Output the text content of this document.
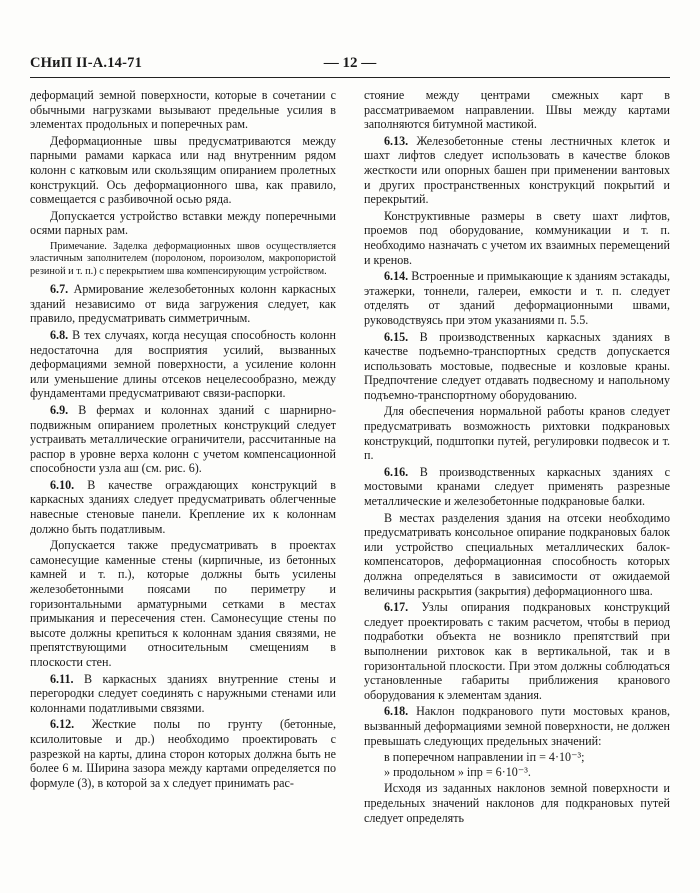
СНиП II-А.14-71	— 12 —

деформаций земной поверхности, которые в сочетании с обычными нагрузками вызывают предельные усилия в элементах продольных и поперечных рам.

Деформационные швы предусматриваются между парными рамами каркаса или над внутренним рядом колонн с катковым или скользящим опиранием пролетных конструкций. Ось деформационного шва, как правило, совмещается с разбивочной осью ряда.

Допускается устройство вставки между поперечными осями парных рам.

Примечание. Заделка деформационных швов осуществляется эластичным заполнителем (поролоном, пороизолом, макропористой резиной и т. п.) с перекрытием шва компенсирующим устройством.

6.7. Армирование железобетонных колонн каркасных зданий независимо от вида загружения следует, как правило, предусматривать симметричным.

6.8. В тех случаях, когда несущая способность колонн недостаточна для восприятия усилий, вызванных деформациями земной поверхности, а усиление колонн или уменьшение длины отсеков нецелесообразно, между фундаментами предусматривают связи-распорки.

6.9. В фермах и колоннах зданий с шарнирно-подвижным опиранием пролетных конструкций следует устраивать металлические ограничители, рассчитанные на распор в уровне верха колонн с учетом компенсационной способности узла aш (см. рис. 6).

6.10. В качестве ограждающих конструкций в каркасных зданиях следует предусматривать облегченные навесные стеновые панели. Крепление их к колоннам должно быть податливым.

Допускается также предусматривать в проектах самонесущие каменные стены (кирпичные, из бетонных камней и т. п.), которые должны быть усилены железобетонными поясами по периметру и горизонтальными арматурными сетками в местах примыкания и пересечения стен. Самонесущие стены по высоте должны крепиться к колоннам здания связями, не препятствующими относительным смещениям в плоскости стен.

6.11. В каркасных зданиях внутренние стены и перегородки следует соединять с наружными стенами или колоннами податливыми связями.

6.12. Жесткие полы по грунту (бетонные, ксилолитовые и др.) необходимо проектировать с разрезкой на карты, длина сторон которых должна быть не более 6 м. Ширина зазора между картами определяется по формуле (3), в которой за x следует принимать рас-

стояние между центрами смежных карт в рассматриваемом направлении. Швы между картами заполняются битумной мастикой.

6.13. Железобетонные стены лестничных клеток и шахт лифтов следует использовать в качестве блоков жесткости или опорных башен при применении вантовых и других пространственных конструкций покрытий и перекрытий.

Конструктивные размеры в свету шахт лифтов, проемов под оборудование, коммуникации и т. п. необходимо назначать с учетом их взаимных перемещений и кренов.

6.14. Встроенные и примыкающие к зданиям эстакады, этажерки, тоннели, галереи, емкости и т. п. следует отделять от зданий деформационными швами, руководствуясь при этом указаниями п. 5.5.

6.15. В производственных каркасных зданиях в качестве подъемно-транспортных средств допускается использовать мостовые, подвесные и козловые краны. Предпочтение следует отдавать подвесному и напольному подъемно-транспортному оборудованию.

Для обеспечения нормальной работы кранов следует предусматривать возможность рихтовки подкрановых конструкций, подштопки путей, регулировки подвесок и т. п.

6.16. В производственных каркасных зданиях с мостовыми кранами следует применять разрезные металлические и железобетонные подкрановые балки.

В местах разделения здания на отсеки необходимо предусматривать консольное опирание подкрановых балок или устройство специальных металлических балок-компенсаторов, деформационная способность которых должна определяться в зависимости от ожидаемой величины раскрытия (закрытия) деформационного шва.

6.17. Узлы опирания подкрановых конструкций следует проектировать с таким расчетом, чтобы в период подработки объекта не возникло препятствий при выполнении рихтовок как в вертикальной, так и в горизонтальной плоскости. При этом должны соблюдаться установленные габариты приближения кранового оборудования к элементам здания.

6.18. Наклон подкранового пути мостовых кранов, вызванный деформациями земной поверхности, не должен превышать следующих предельных значений:

в поперечном направлении iп = 4·10⁻³;

» продольном » iпр = 6·10⁻³.

Исходя из заданных наклонов земной поверхности и предельных значений наклонов для подкрановых путей следует определять
